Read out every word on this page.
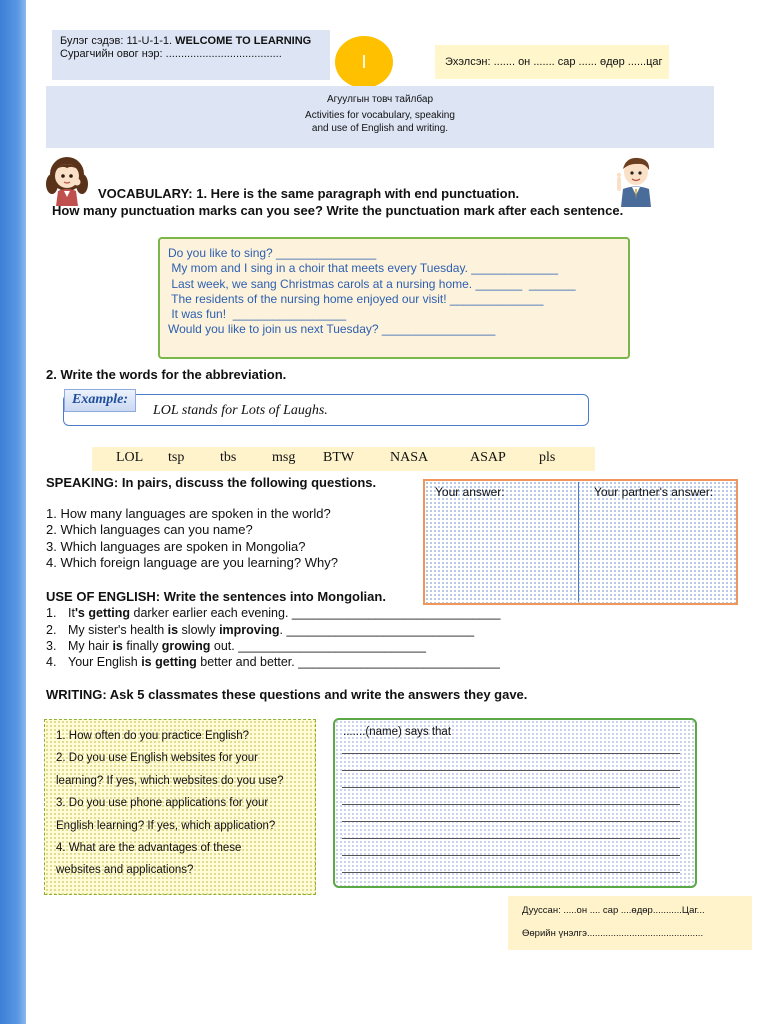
Булэг сэдэв: 11-U-1-1. WELCOME TO LEARNING
Сурагчийн овог нэр: ......................................	I	Эхэлсэн: ....... он ....... сар ...... өдөр ......цаг
Агуулгын товч тайлбар
Activities for vocabulary, speaking
and use of English and writing.
VOCABULARY: 1. Here is the same paragraph with end punctuation.
How many punctuation marks can you see? Write the punctuation mark after each sentence.
Do you like to sing? _______________
My mom and I sing in a choir that meets every Tuesday. _____________
Last week, we sang Christmas carols at a nursing home. _______  _______
The residents of the nursing home enjoyed our visit! ______________
It was fun!  _________________
Would you like to join us next Tuesday? _________________
2. Write the words for the abbreviation.
Example:
LOL stands for Lots of Laughs.
LOL tsp	tbs	msg BTW	NASA	ASAP pls
SPEAKING: In pairs, discuss the following questions.
1. How many languages are spoken in the world?
2. Which languages can you name?
3. Which languages are spoken in Mongolia?
4. Which foreign language are you learning? Why?
Your answer:	Your partner's answer:
USE OF ENGLISH: Write the sentences into Mongolian.
1. It's getting darker earlier each evening. ______________________________
2. My sister's health is slowly improving. ___________________________
3. My hair is finally growing out. ___________________________
4. Your English is getting better and better. _____________________________
WRITING: Ask 5 classmates these questions and write the answers they gave.
1. How often do you practice English?
2. Do you use English websites for your
learning? If yes, which websites do you use?
3. Do you use phone applications for your
English learning? If yes, which application?
4. What are the advantages of these
websites and applications?
.......(name) says that
Дууссан: .....он .... сар ....өдөр...........Цаг...
Өөрийн үнэлгэ............................................
